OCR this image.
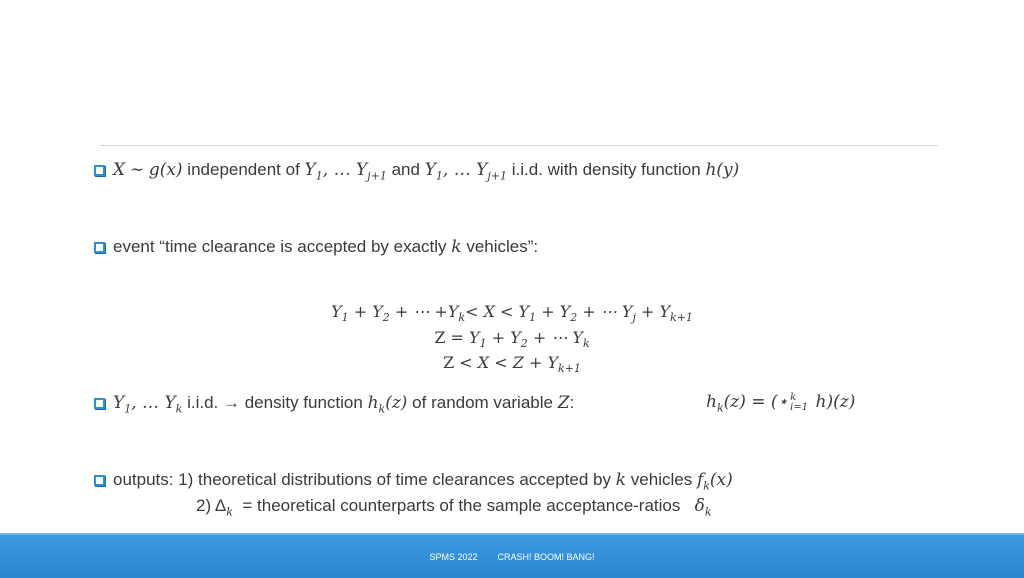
X
∼
g(x)
independent of
$Y_1$, … $Y_{j+1}$
and
$Y_1$, … $Y_{j+1}$
i.i.d. with density function
h(y)
event “time clearance is accepted by exactly
k
vehicles”:
$Y_1 + Y_2$ + ⋯ $+Y_k< X < Y_1 + Y_2$ + ⋯ $Y_j + Y_{k+1}$
$Z = Y_1 + Y_2$ + ⋯ $Y_k$
$Z < X < Z + Y_{k+1}$
$Y_1$, … $Y_k$
i.i.d. → density function
$h_k(z)$
of random variable
Z :	$h_k(z)$ = (⋆ k
i=1 h)(z)
outputs: 1) theoretical distributions of time clearances accepted by
k
vehicles
$f_k(x)$
2) $\Delta_k$ = theoretical counterparts of the sample acceptance-ratios $\delta_k$
SPMS 2022 CRASH! BOOM! BANG!
